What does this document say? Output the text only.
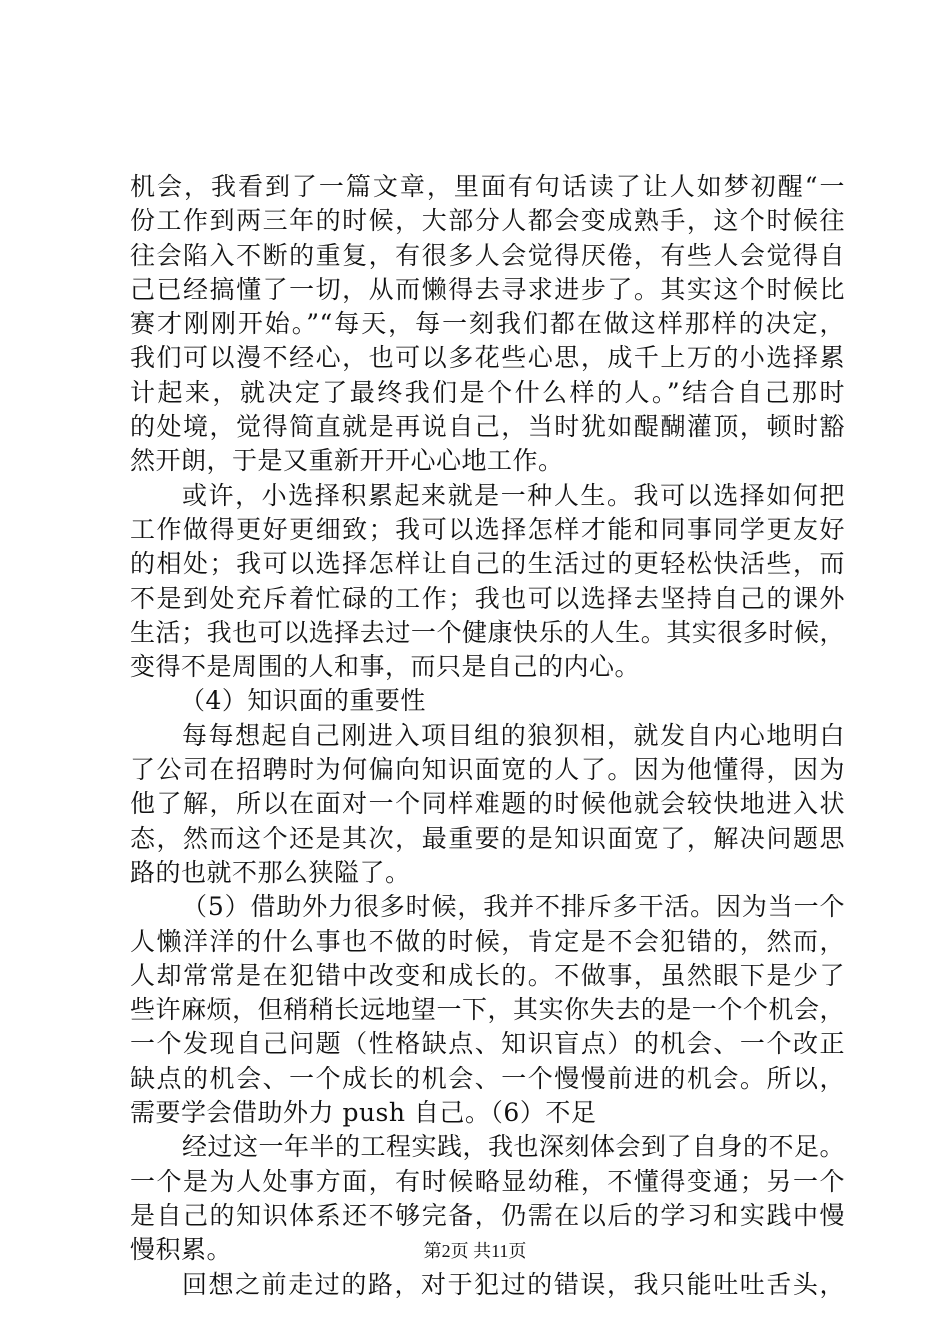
机会，我看到了一篇文章，里面有句话读了让人如梦初醒“一
份工作到两三年的时候，大部分人都会变成熟手，这个时候往
往会陷入不断的重复，有很多人会觉得厌倦，有些人会觉得自
己已经搞懂了一切，从而懒得去寻求进步了。其实这个时候比
赛才刚刚开始。”“每天，每一刻我们都在做这样那样的决定，
我们可以漫不经心，也可以多花些心思，成千上万的小选择累
计起来，就决定了最终我们是个什么样的人。”结合自己那时
的处境，觉得简直就是再说自己，当时犹如醍醐灌顶，顿时豁
然开朗，于是又重新开开心心地工作。
或许，小选择积累起来就是一种人生。我可以选择如何把
工作做得更好更细致；我可以选择怎样才能和同事同学更友好
的相处；我可以选择怎样让自己的生活过的更轻松快活些，而
不是到处充斥着忙碌的工作；我也可以选择去坚持自己的课外
生活；我也可以选择去过一个健康快乐的人生。其实很多时候，
变得不是周围的人和事，而只是自己的内心。
（4）知识面的重要性
每每想起自己刚进入项目组的狼狈相，就发自内心地明白
了公司在招聘时为何偏向知识面宽的人了。因为他懂得，因为
他了解，所以在面对一个同样难题的时候他就会较快地进入状
态，然而这个还是其次，最重要的是知识面宽了，解决问题思
路的也就不那么狭隘了。
（5）借助外力很多时候，我并不排斥多干活。因为当一个
人懒洋洋的什么事也不做的时候，肯定是不会犯错的，然而，
人却常常是在犯错中改变和成长的。不做事，虽然眼下是少了
些许麻烦，但稍稍长远地望一下，其实你失去的是一个个机会，
一个发现自己问题（性格缺点、知识盲点）的机会、一个改正
缺点的机会、一个成长的机会、一个慢慢前进的机会。所以，
需要学会借助外力 push 自己。（6）不足
经过这一年半的工程实践，我也深刻体会到了自身的不足。
一个是为人处事方面，有时候略显幼稚，不懂得变通；另一个
是自己的知识体系还不够完备，仍需在以后的学习和实践中慢
慢积累。
回想之前走过的路，对于犯过的错误，我只能吐吐舌头，
第2页 共11页
